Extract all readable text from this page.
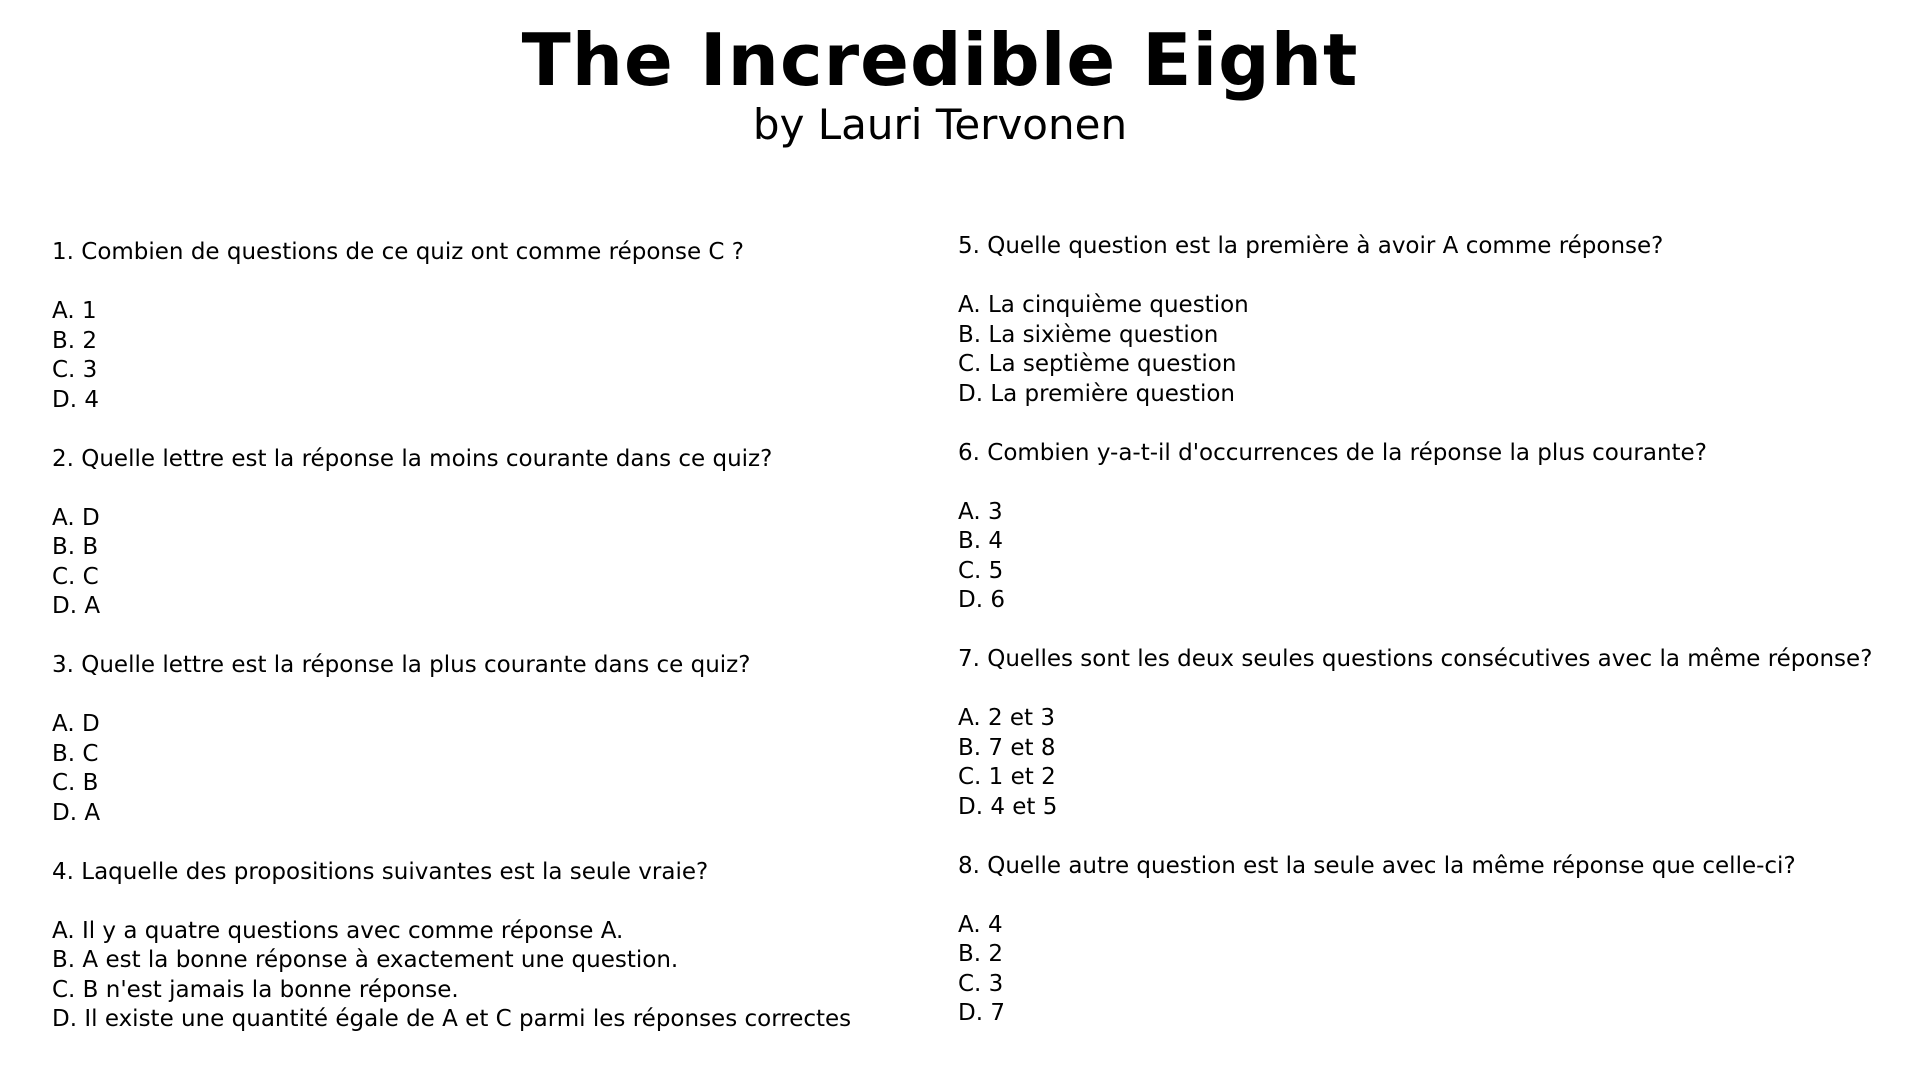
The Incredible Eight
by Lauri Tervonen
1. Combien de questions de ce quiz ont comme réponse C ?
A. 1
B. 2
C. 3
D. 4
2. Quelle lettre est la réponse la moins courante dans ce quiz?
A. D
B. B
C. C
D. A
3. Quelle lettre est la réponse la plus courante dans ce quiz?
A. D
B. C
C. B
D. A
4. Laquelle des propositions suivantes est la seule vraie?
A. Il y a quatre questions avec comme réponse A.
B. A est la bonne réponse à exactement une question.
C. B n'est jamais la bonne réponse.
D. Il existe une quantité égale de A et C parmi les réponses correctes
5. Quelle question est la première à avoir A comme réponse?
A. La cinquième question
B. La sixième question
C. La septième question
D. La première question
6. Combien y-a-t-il d'occurrences de la réponse la plus courante?
A. 3
B. 4
C. 5
D. 6
7. Quelles sont les deux seules questions consécutives avec la même réponse?
A. 2 et 3
B. 7 et 8
C. 1 et 2
D. 4 et 5
8. Quelle autre question est la seule avec la même réponse que celle-ci?
A. 4
B. 2
C. 3
D. 7
